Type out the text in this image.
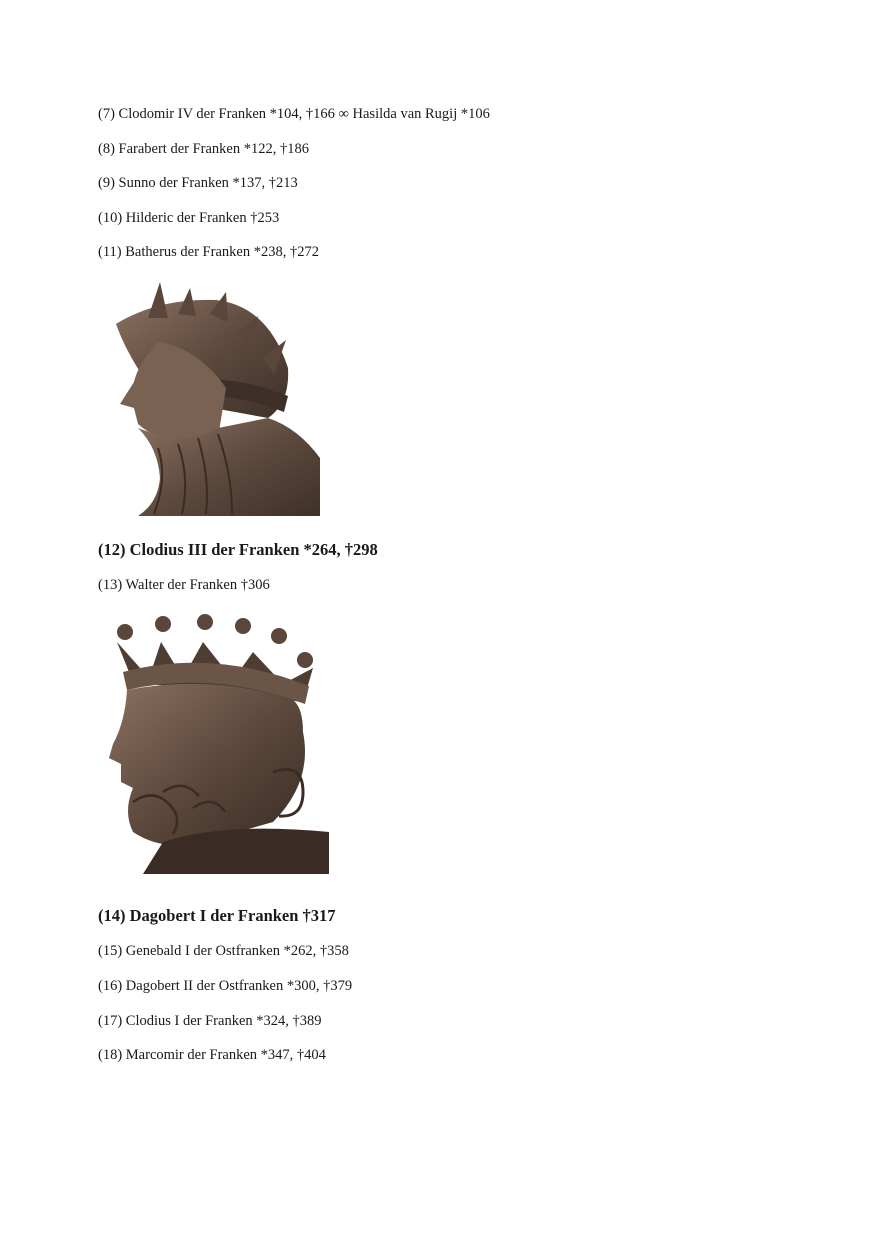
(7) Clodomir IV der Franken *104, †166 ∞ Hasilda van Rugij *106
(8) Farabert der Franken *122, †186
(9) Sunno der Franken *137, †213
(10) Hilderic der Franken †253
(11) Batherus der Franken *238, †272
(12) Clodius III der Franken *264, †298
(13) Walter der Franken †306
(14) Dagobert I der Franken †317
(15) Genebald I der Ostfranken *262, †358
(16) Dagobert II der Ostfranken *300, †379
(17) Clodius I der Franken *324, †389
(18) Marcomir der Franken *347, †404
